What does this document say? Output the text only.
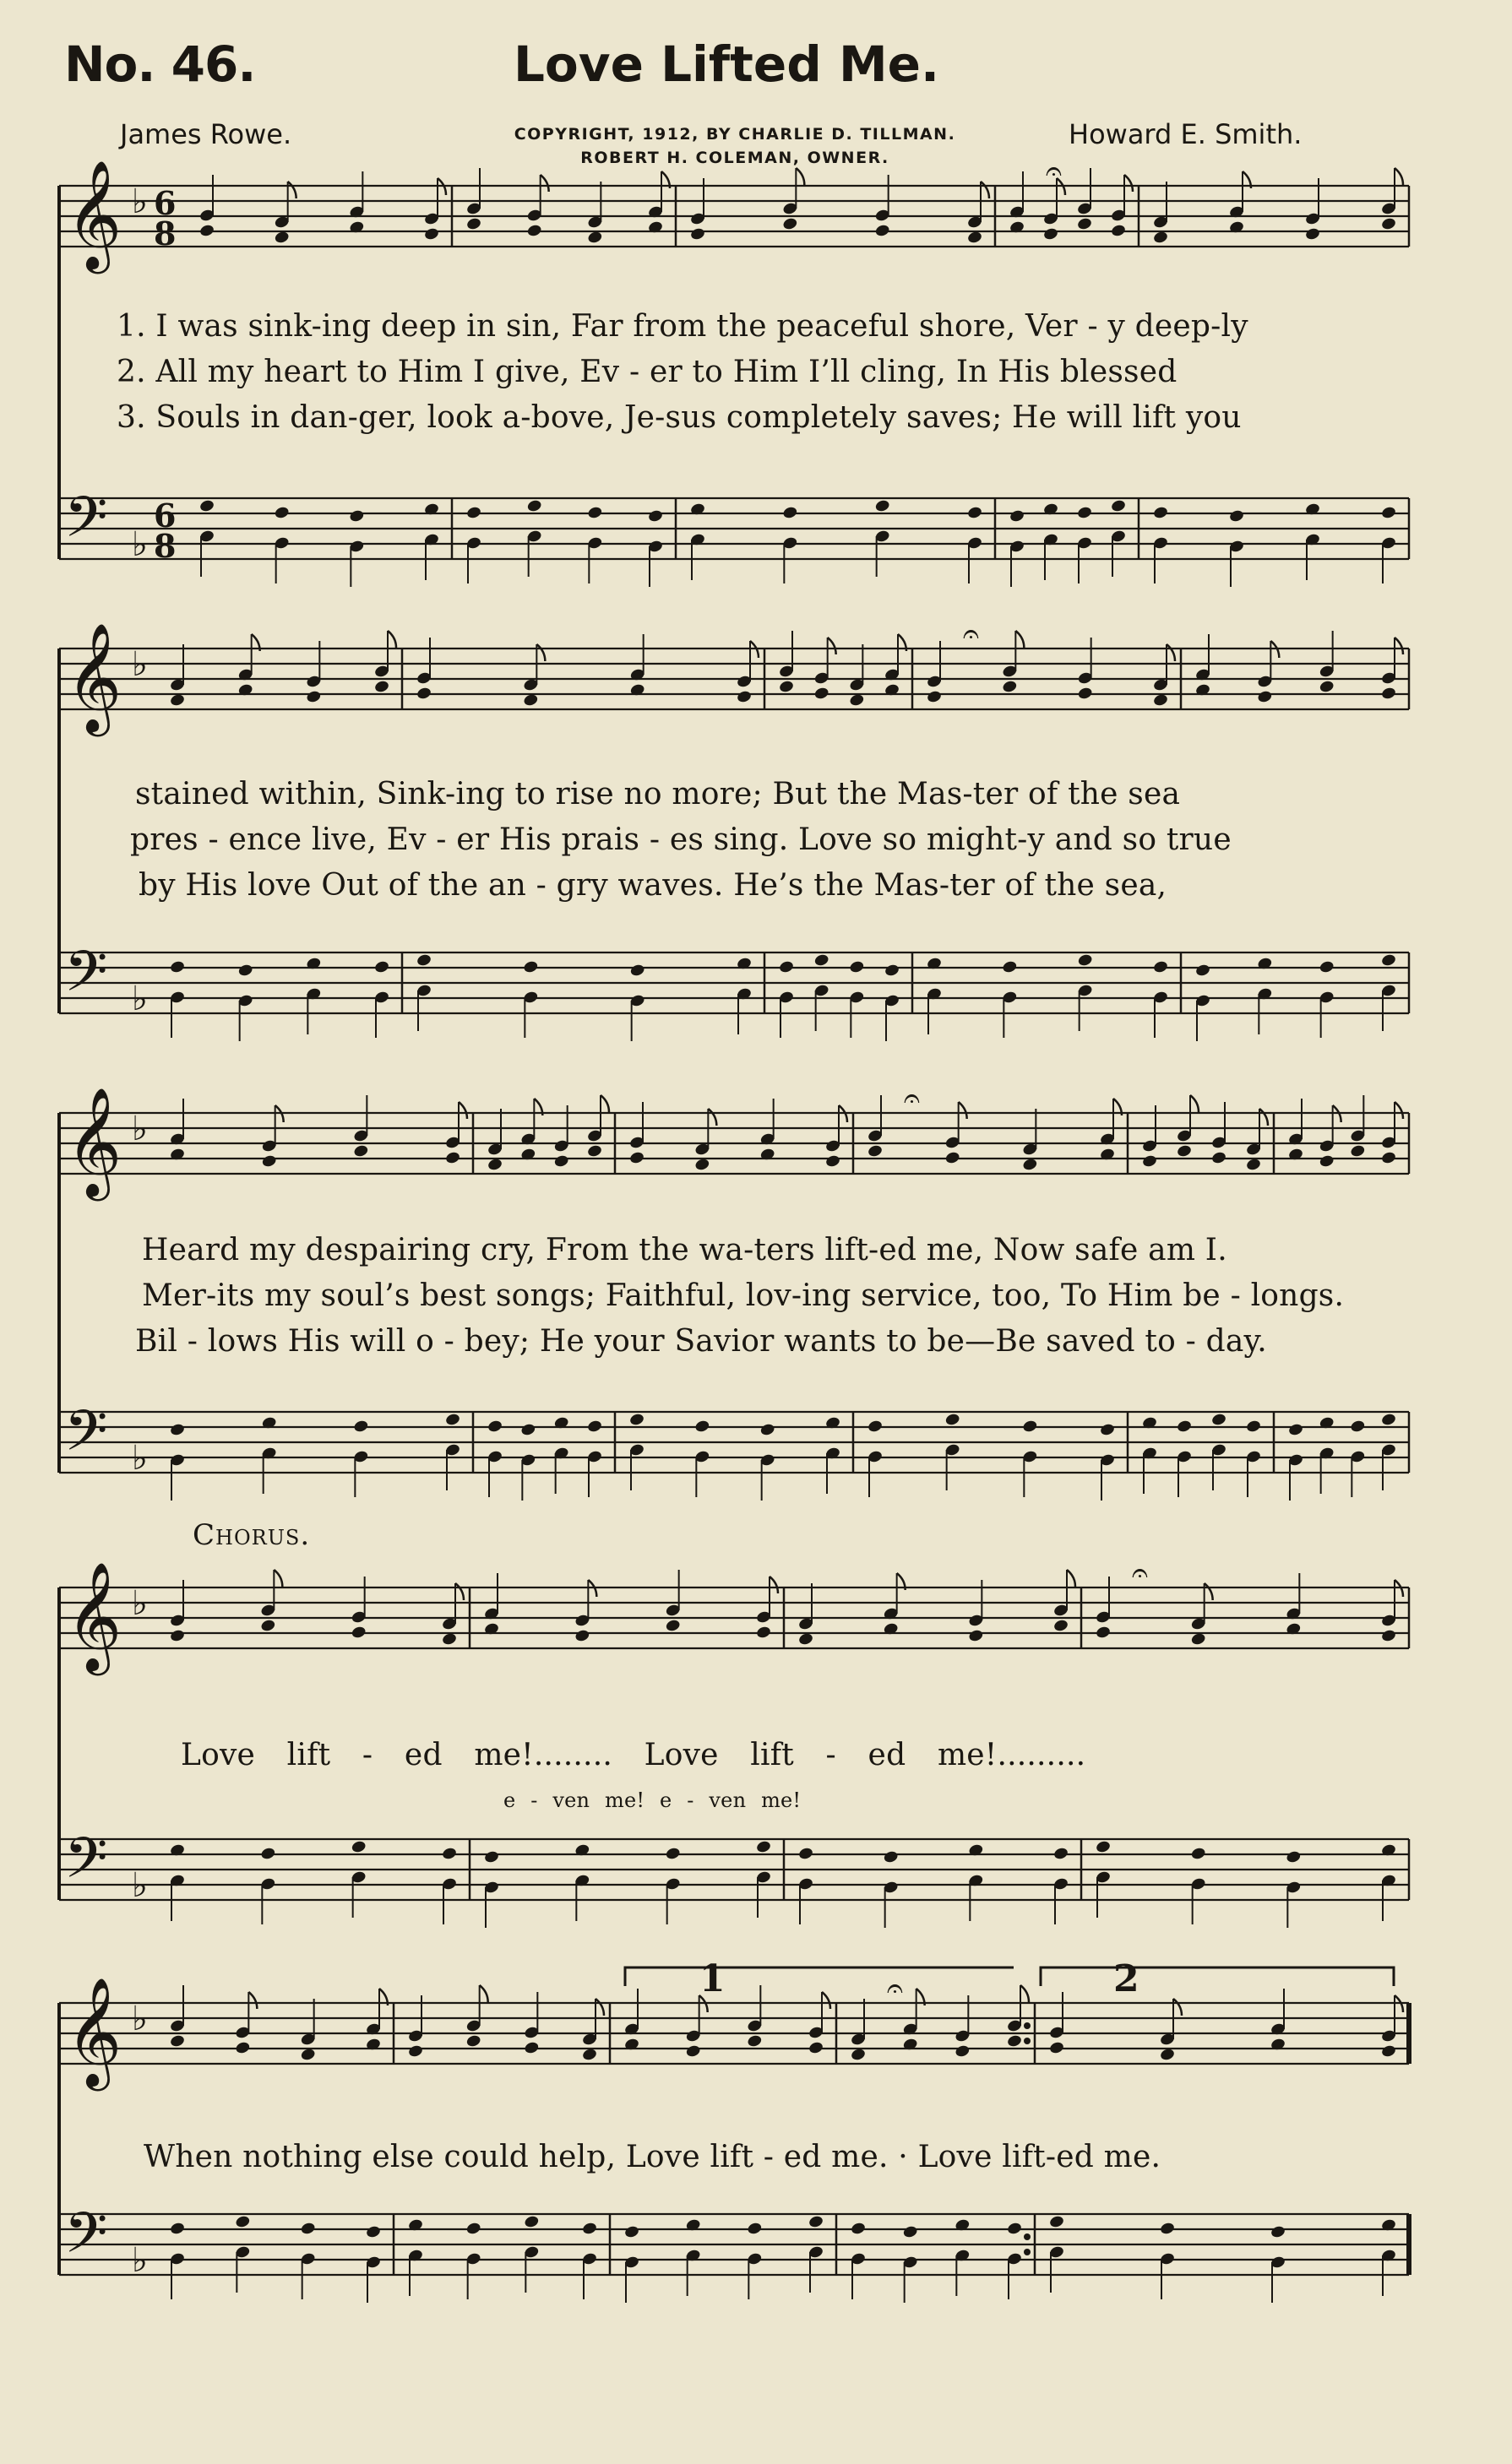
No. 46.	Love Lifted Me.
James Rowe.	COPYRIGHT, 1912, BY CHARLIE D. TILLMAN.
ROBERT H. COLEMAN, OWNER.
Howard E. Smith.
𝄞
𝄢
♭
♭
6
8
6
8
𝄐
𝄞
𝄢
♭
♭
𝄐
𝄞
𝄢
♭
♭
𝄐
𝄞
𝄢
♭
♭
𝄐
𝄞
𝄢
♭
♭
𝄐
1. I was sink-ing deep in sin, Far from the peaceful shore, Ver - y deep-ly
2. All my heart to Him I give, Ev - er to Him I’ll cling, In His blessed
3. Souls in dan-ger, look a-bove, Je-sus completely saves; He will lift you
stained within, Sink-ing to rise no more; But the Mas-ter of the sea
pres - ence live, Ev - er His prais - es sing. Love so might-y and so true
by His love Out of the an - gry waves. He’s the Mas-ter of the sea,
Heard my despairing cry, From the wa-ters lift-ed me, Now safe am I.
Mer-its my soul’s best songs; Faithful, lov-ing service, too, To Him be - longs.
Bil - lows His will o - bey; He your Savior wants to be—Be saved to - day.
Chorus.
Love lift - ed me!........ Love lift - ed me!.........
e - ven me! e - ven me!
When nothing else could help, Love lift - ed me. · Love lift-ed me.
1	2
